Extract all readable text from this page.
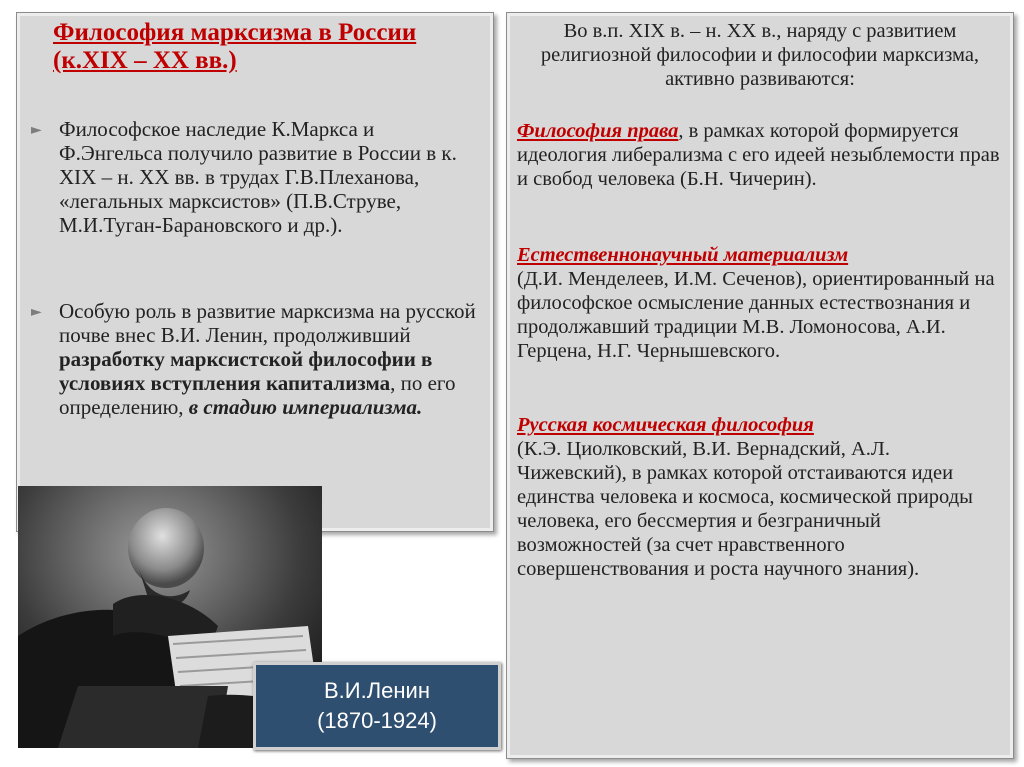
Философия марксизма в России
(к.XIX – XX вв.)
► Философское наследие К.Маркса и Ф.Энгельса получило развитие в России в к. XIX – н. XX вв. в трудах Г.В.Плеханова, «легальных марксистов» (П.В.Струве, М.И.Туган-Барановского и др.).

► Особую роль в развитие марксизма на русской почве внес В.И. Ленин, продолживший разработку марксистской философии в условиях вступления капитализма, по его определению, в стадию империализма.

Во в.п. XIX в. – н. XX в., наряду с развитием религиозной философии и философии марксизма, активно развиваются:

Философия права, в рамках которой формируется идеология либерализма с его идеей незыблемости прав и свобод человека (Б.Н. Чичерин).

Естественнонаучный материализм
(Д.И. Менделеев, И.М. Сеченов), ориентированный на философское осмысление данных естествознания и продолжавший традиции М.В. Ломоносова, А.И. Герцена, Н.Г. Чернышевского.

Русская космическая философия
(К.Э. Циолковский, В.И. Вернадский, А.Л. Чижевский), в рамках которой отстаиваются идеи единства человека и космоса, космической природы человека, его бессмертия и безграничный возможностей (за счет нравственного совершенствования и роста научного знания).

В.И.Ленин
(1870-1924)
